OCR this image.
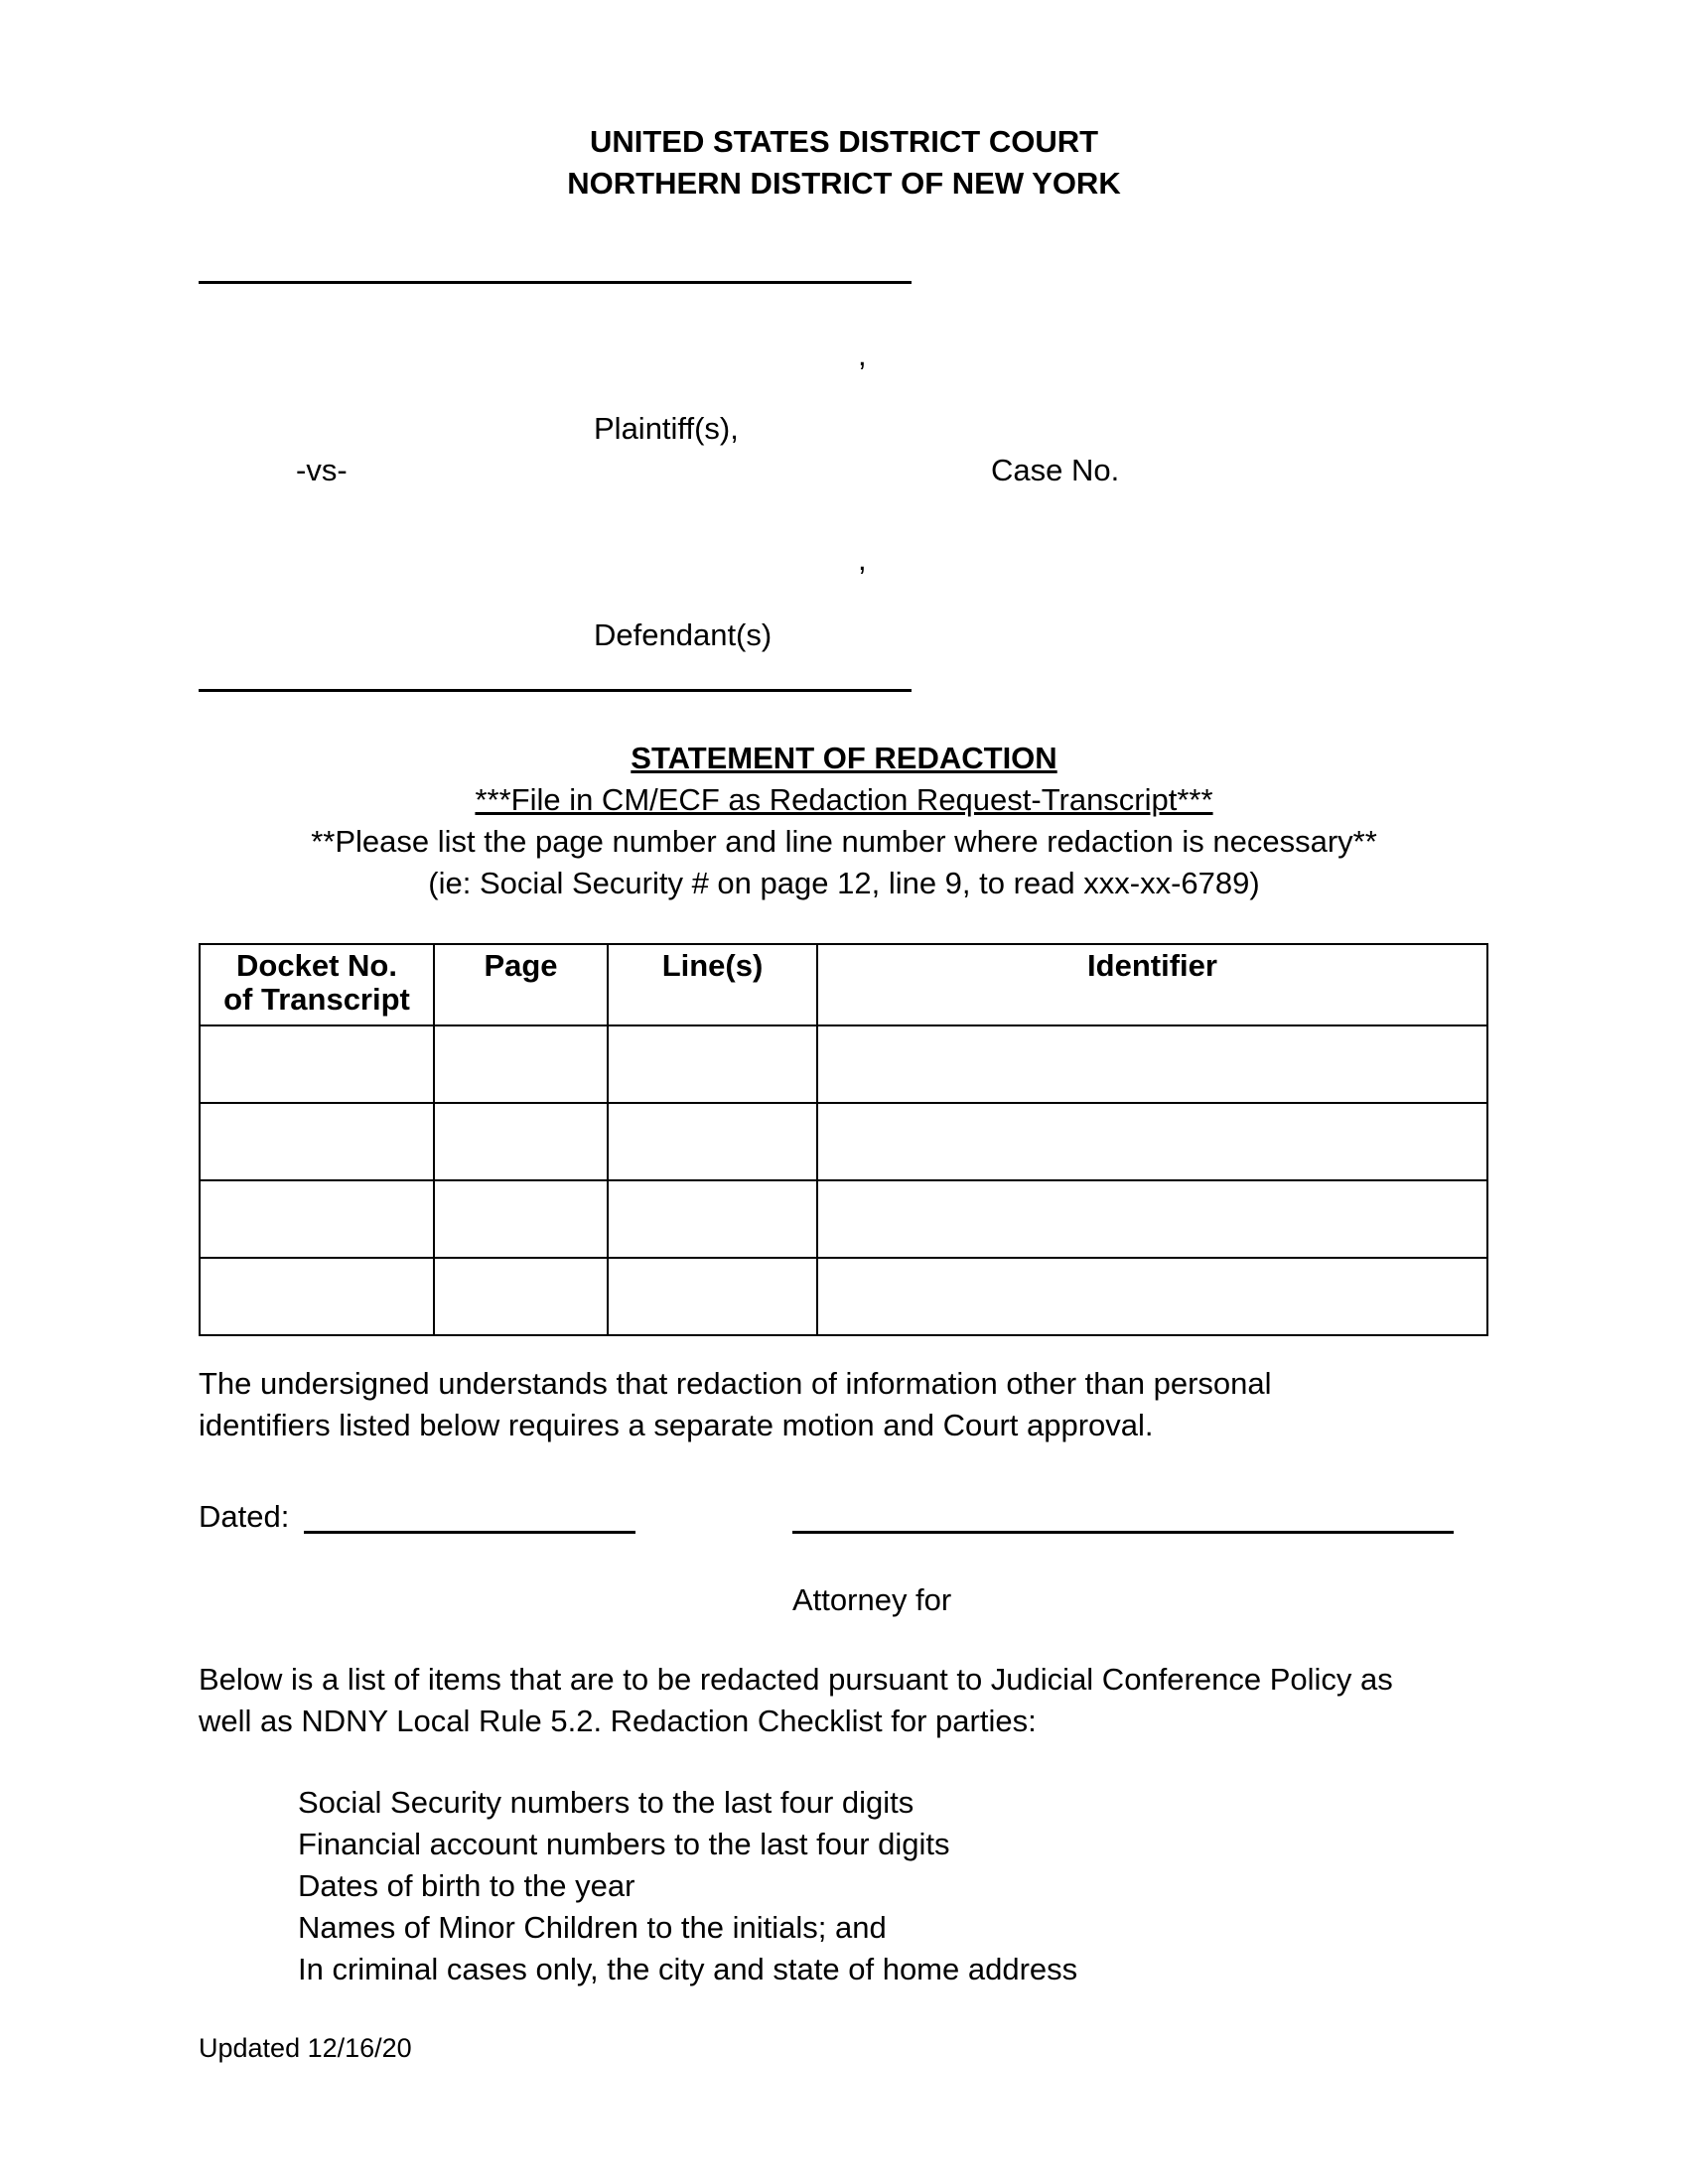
UNITED STATES DISTRICT COURT
NORTHERN DISTRICT OF NEW YORK
,
Plaintiff(s),
-vs-	Case No.
,
Defendant(s)
STATEMENT OF REDACTION
***File in CM/ECF as Redaction Request-Transcript***
**Please list the page number and line number where redaction is necessary**
(ie: Social Security # on page 12, line 9, to read xxx-xx-6789)
Docket No.
of Transcript	Page	Line(s)	Identifier

The undersigned understands that redaction of information other than personal
identifiers listed below requires a separate motion and Court approval.
Dated:
Attorney for
Below is a list of items that are to be redacted pursuant to Judicial Conference Policy as
well as NDNY Local Rule 5.2. Redaction Checklist for parties:
Social Security numbers to the last four digits
Financial account numbers to the last four digits
Dates of birth to the year
Names of Minor Children to the initials; and
In criminal cases only, the city and state of home address
Updated 12/16/20
